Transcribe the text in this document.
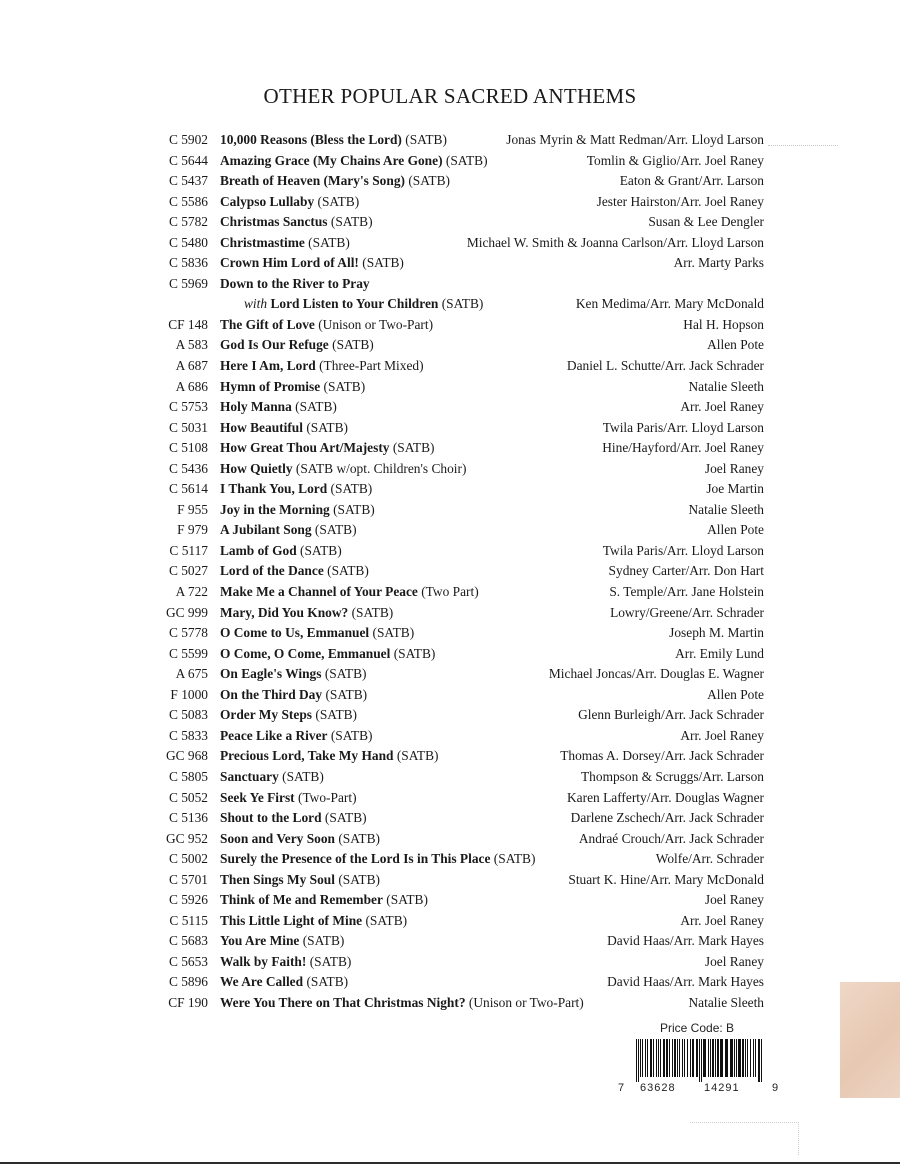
OTHER POPULAR SACRED ANTHEMS
C 5902 10,000 Reasons (Bless the Lord) (SATB)	Jonas Myrin & Matt Redman/Arr. Lloyd Larson
C 5644 Amazing Grace (My Chains Are Gone) (SATB)	Tomlin & Giglio/Arr. Joel Raney
C 5437 Breath of Heaven (Mary's Song) (SATB)	Eaton & Grant/Arr. Larson
C 5586 Calypso Lullaby (SATB)	Jester Hairston/Arr. Joel Raney
C 5782 Christmas Sanctus (SATB)	Susan & Lee Dengler
C 5480 Christmastime (SATB)	Michael W. Smith & Joanna Carlson/Arr. Lloyd Larson
C 5836 Crown Him Lord of All! (SATB)	Arr. Marty Parks
C 5969 Down to the River to Pray
with Lord Listen to Your Children (SATB)	Ken Medima/Arr. Mary McDonald
CF 148 The Gift of Love (Unison or Two-Part)	Hal H. Hopson
A 583 God Is Our Refuge (SATB)	Allen Pote
A 687 Here I Am, Lord (Three-Part Mixed)	Daniel L. Schutte/Arr. Jack Schrader
A 686 Hymn of Promise (SATB)	Natalie Sleeth
C 5753 Holy Manna (SATB)	Arr. Joel Raney
C 5031 How Beautiful (SATB)	Twila Paris/Arr. Lloyd Larson
C 5108 How Great Thou Art/Majesty (SATB)	Hine/Hayford/Arr. Joel Raney
C 5436 How Quietly (SATB w/opt. Children's Choir)	Joel Raney
C 5614 I Thank You, Lord (SATB)	Joe Martin
F 955 Joy in the Morning (SATB)	Natalie Sleeth
F 979 A Jubilant Song (SATB)	Allen Pote
C 5117 Lamb of God (SATB)	Twila Paris/Arr. Lloyd Larson
C 5027 Lord of the Dance (SATB)	Sydney Carter/Arr. Don Hart
A 722 Make Me a Channel of Your Peace (Two Part)	S. Temple/Arr. Jane Holstein
GC 999 Mary, Did You Know? (SATB)	Lowry/Greene/Arr. Schrader
C 5778 O Come to Us, Emmanuel (SATB)	Joseph M. Martin
C 5599 O Come, O Come, Emmanuel (SATB)	Arr. Emily Lund
A 675 On Eagle's Wings (SATB)	Michael Joncas/Arr. Douglas E. Wagner
F 1000 On the Third Day (SATB)	Allen Pote
C 5083 Order My Steps (SATB)	Glenn Burleigh/Arr. Jack Schrader
C 5833 Peace Like a River (SATB)	Arr. Joel Raney
GC 968 Precious Lord, Take My Hand (SATB)	Thomas A. Dorsey/Arr. Jack Schrader
C 5805 Sanctuary (SATB)	Thompson & Scruggs/Arr. Larson
C 5052 Seek Ye First (Two-Part)	Karen Lafferty/Arr. Douglas Wagner
C 5136 Shout to the Lord (SATB)	Darlene Zschech/Arr. Jack Schrader
GC 952 Soon and Very Soon (SATB)	Andraé Crouch/Arr. Jack Schrader
C 5002 Surely the Presence of the Lord Is in This Place (SATB)	Wolfe/Arr. Schrader
C 5701 Then Sings My Soul (SATB)	Stuart K. Hine/Arr. Mary McDonald
C 5926 Think of Me and Remember (SATB)	Joel Raney
C 5115 This Little Light of Mine (SATB)	Arr. Joel Raney
C 5683 You Are Mine (SATB)	David Haas/Arr. Mark Hayes
C 5653 Walk by Faith! (SATB)	Joel Raney
C 5896 We Are Called (SATB)	David Haas/Arr. Mark Hayes
CF 190 Were You There on That Christmas Night? (Unison or Two-Part)	Natalie Sleeth
Price Code: B
7 63628	14291	9
